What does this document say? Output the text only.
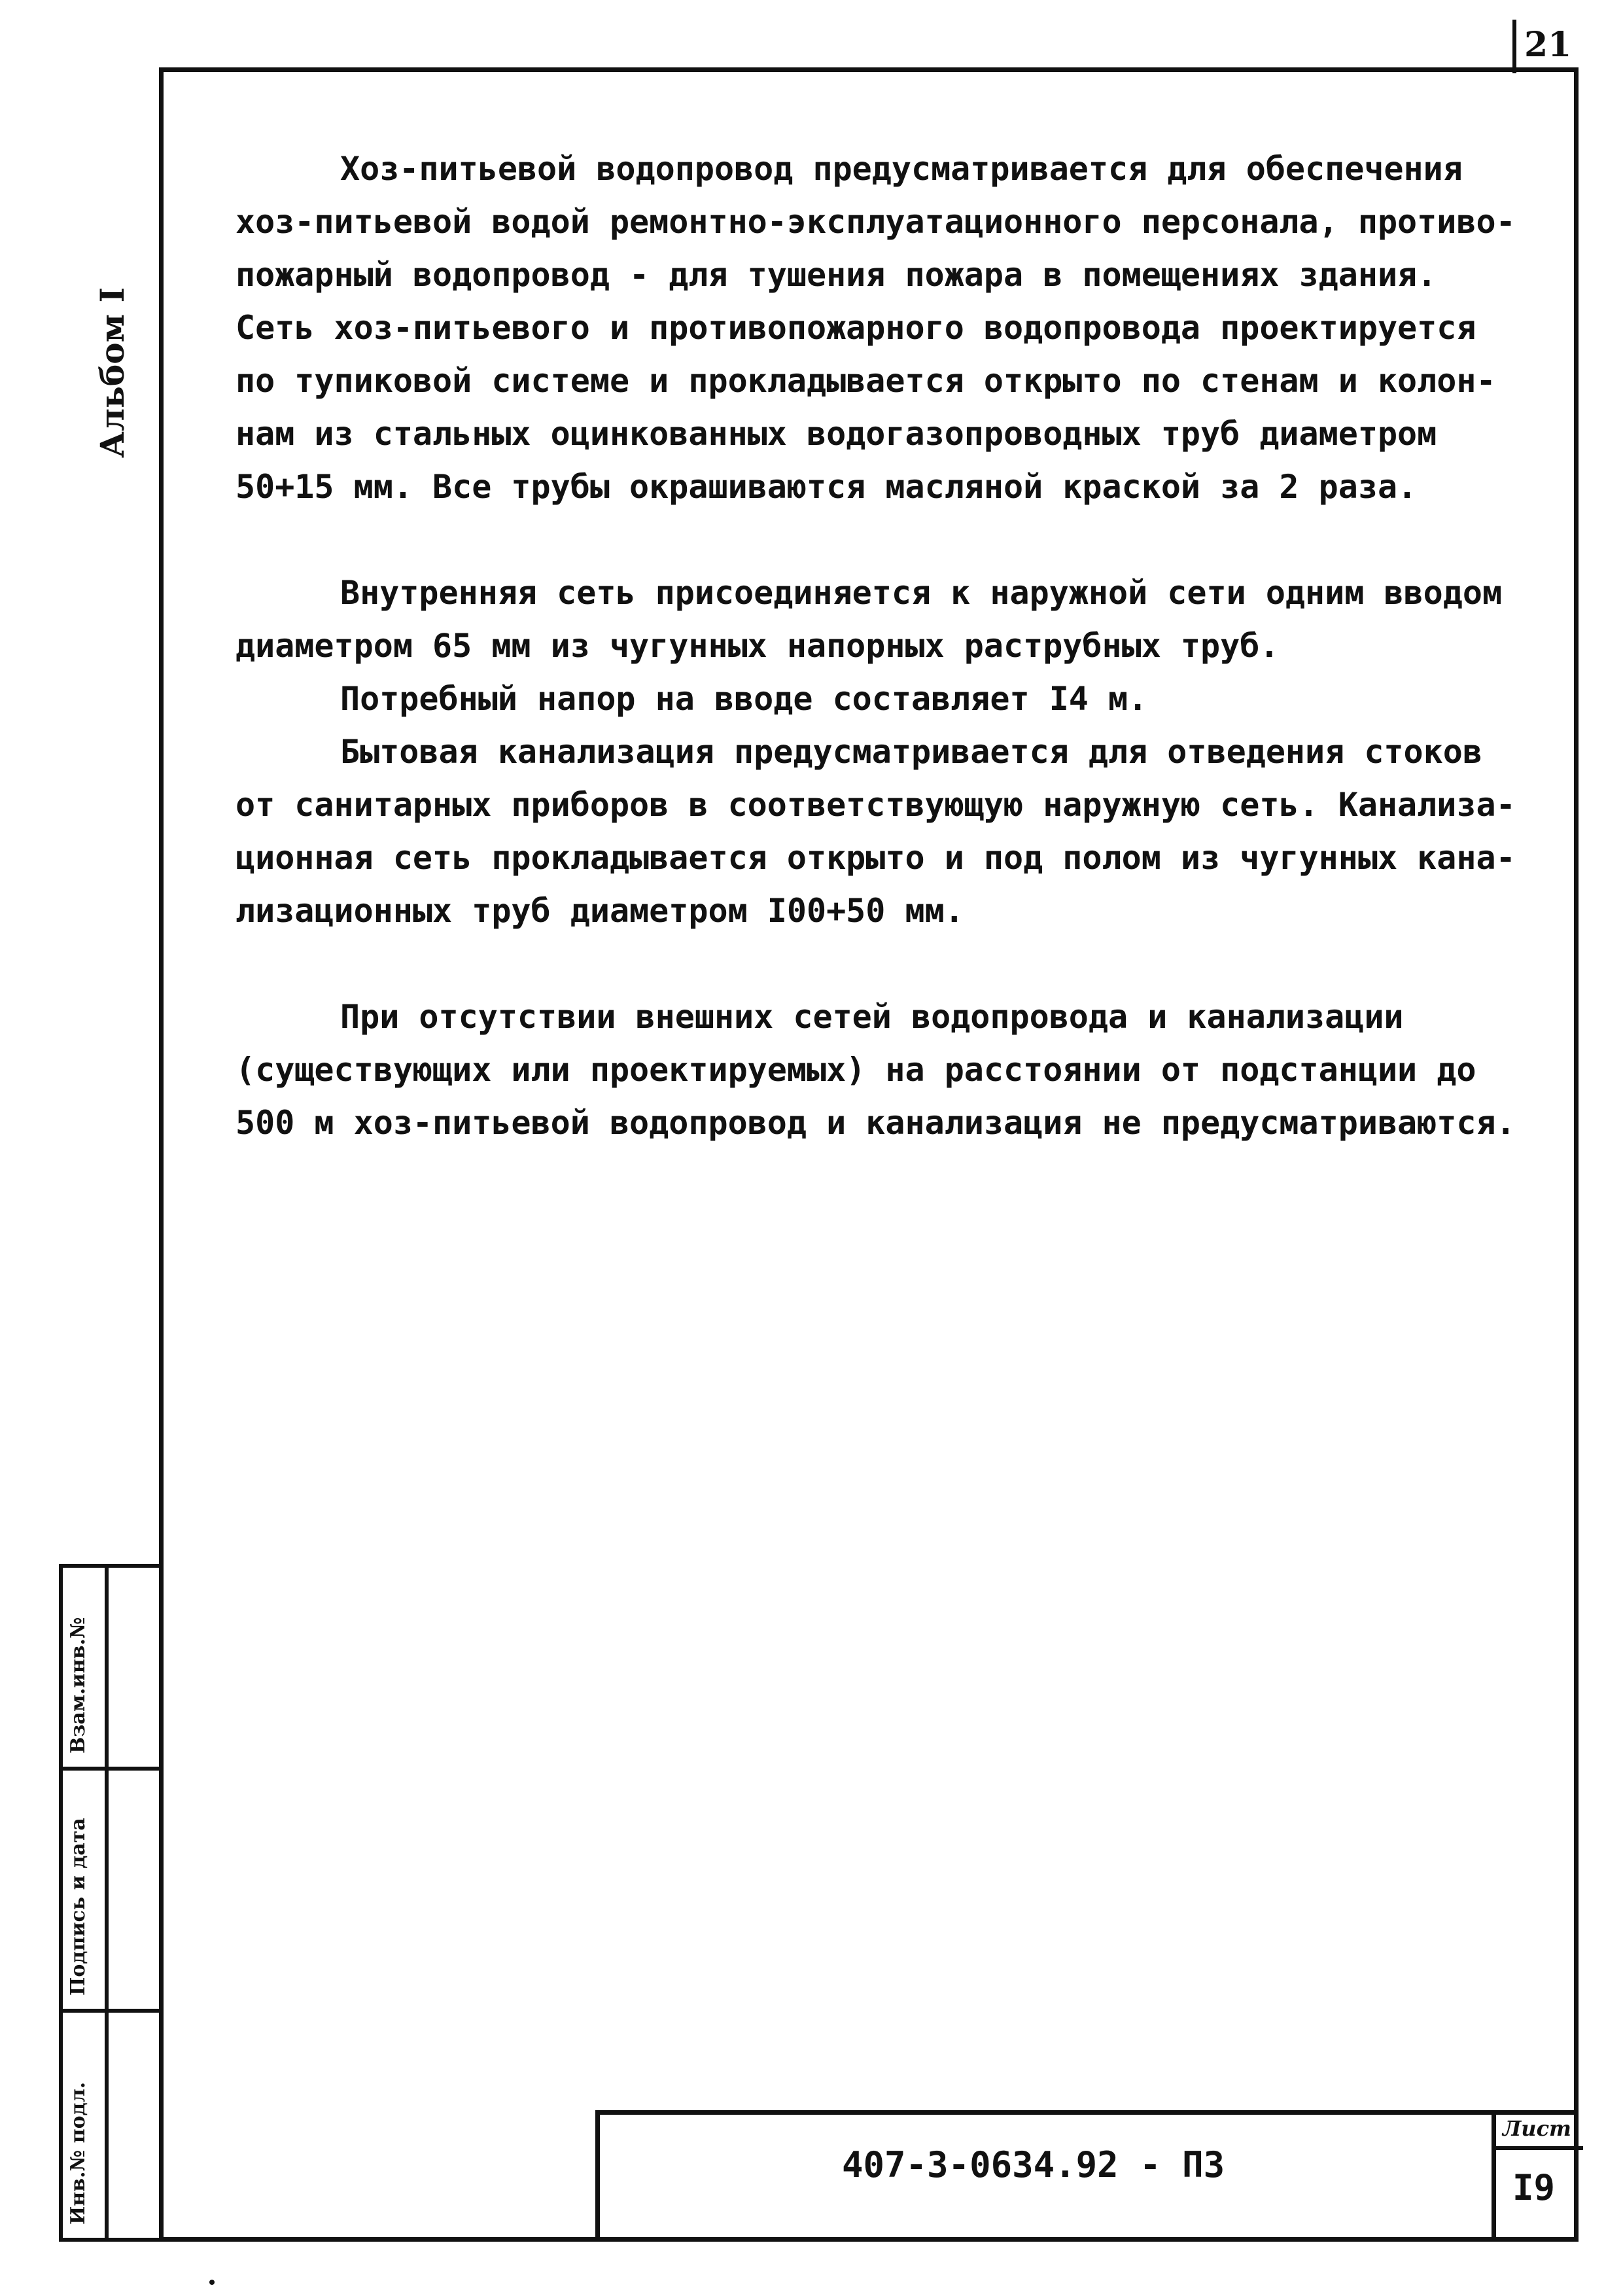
21
Альбом I

Хоз-питьевой водопровод предусматривается для обеспечения

хоз-питьевой водой ремонтно-эксплуатационного персонала, противо-

пожарный водопровод - для тушения пожара в помещениях здания.

Сеть хоз-питьевого и противопожарного водопровода проектируется

по тупиковой системе и прокладывается открыто по стенам и колон-

нам из стальных оцинкованных водогазопроводных труб диаметром

50+15 мм. Все трубы окрашиваются масляной краской за 2 раза.

Внутренняя сеть присоединяется к наружной сети одним вводом

диаметром 65 мм из чугунных напорных раструбных труб.

Потребный напор на вводе составляет I4 м.

Бытовая канализация предусматривается для отведения стоков

от санитарных приборов в соответствующую наружную сеть. Канализа-

ционная сеть прокладывается открыто и под полом из чугунных кана-

лизационных труб диаметром I00+50 мм.

При отсутствии внешних сетей водопровода и канализации

(существующих или проектируемых) на расстоянии от подстанции до

500 м хоз-питьевой водопровод и канализация не предусматриваются.

Взам.инв.№
Подпись и дата
Инв.№ подл.	407-3-0634.92 - ПЗ
Лист
I9
